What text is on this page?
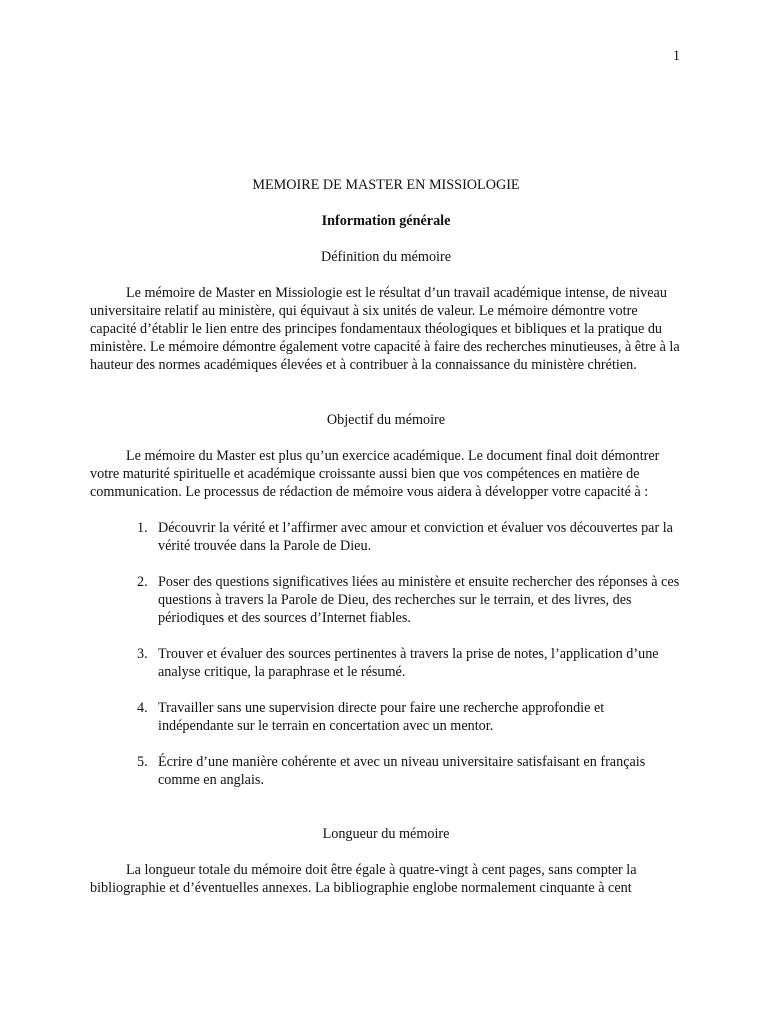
1
MEMOIRE DE MASTER EN MISSIOLOGIE
Information générale
Définition du mémoire

Le mémoire de Master en Missiologie est le résultat d’un travail académique intense, de niveau universitaire relatif au ministère, qui équivaut à six unités de valeur. Le mémoire démontre votre capacité d’établir le lien entre des principes fondamentaux théologiques et bibliques et la pratique du ministère. Le mémoire démontre également votre capacité à faire des recherches minutieuses, à être à la hauteur des normes académiques élevées et à contribuer à la connaissance du ministère chrétien.

Objectif du mémoire

Le mémoire du Master est plus qu’un exercice académique. Le document final doit démontrer votre maturité spirituelle et académique croissante aussi bien que vos compétences en matière de communication. Le processus de rédaction de mémoire vous aidera à développer votre capacité à :

1. Découvrir la vérité et l’affirmer avec amour et conviction et évaluer vos découvertes par la vérité trouvée dans la Parole de Dieu.
2. Poser des questions significatives liées au ministère et ensuite rechercher des réponses à ces questions à travers la Parole de Dieu, des recherches sur le terrain, et des livres, des périodiques et des sources d’Internet fiables.
3. Trouver et évaluer des sources pertinentes à travers la prise de notes, l’application d’une analyse critique, la paraphrase et le résumé.
4. Travailler sans une supervision directe pour faire une recherche approfondie et indépendante sur le terrain en concertation avec un mentor.
5. Écrire d’une manière cohérente et avec un niveau universitaire satisfaisant en français comme en anglais.
Longueur du mémoire

La longueur totale du mémoire doit être égale à quatre-vingt à cent pages, sans compter la bibliographie et d’éventuelles annexes. La bibliographie englobe normalement cinquante à cent
